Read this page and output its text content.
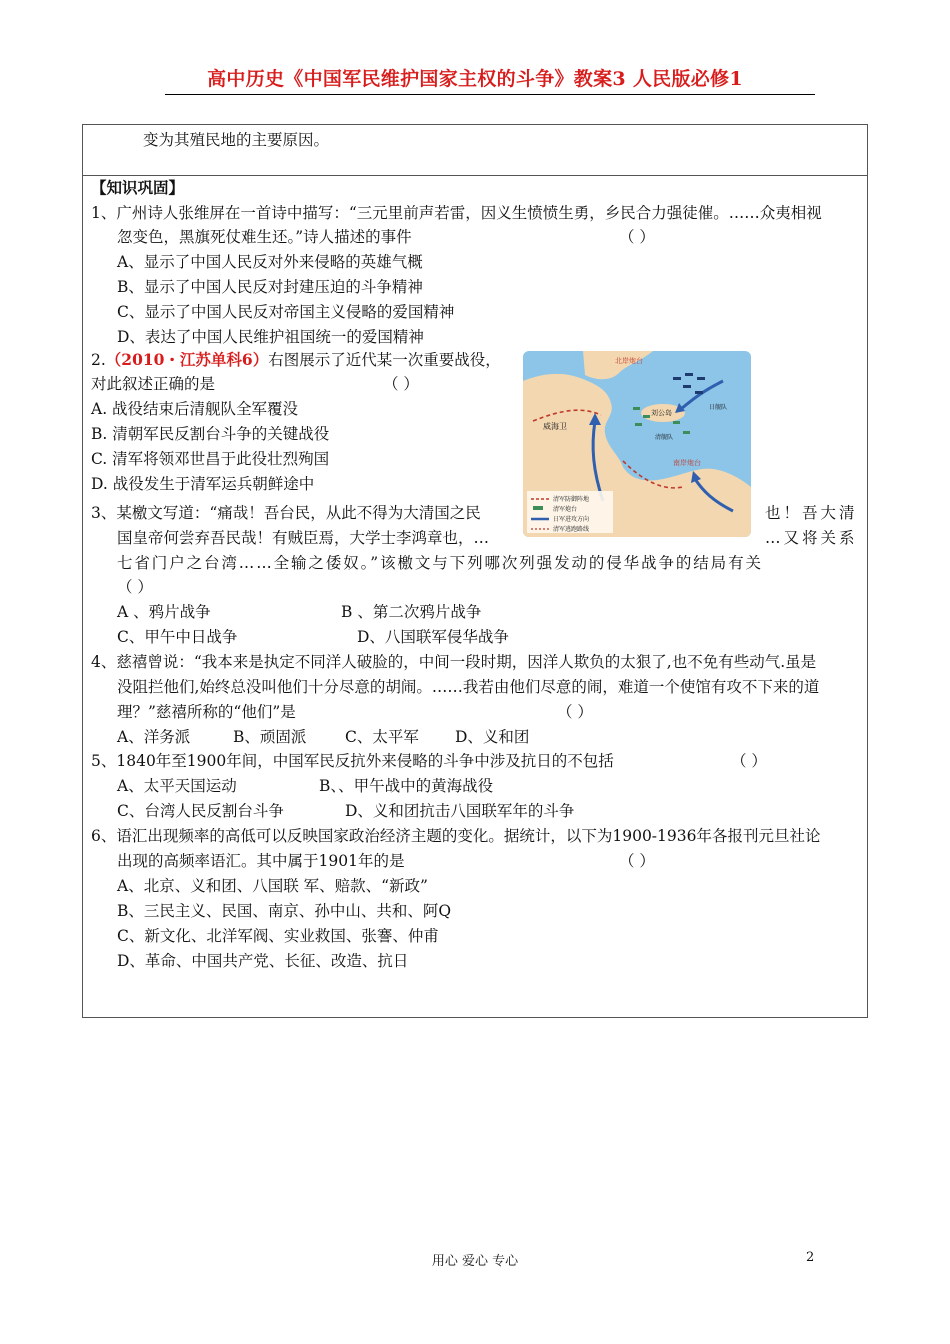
高中历史《中国军民维护国家主权的斗争》教案3 人民版必修1
变为其殖民地的主要原因。
【知识巩固】
1、广州诗人张维屏在一首诗中描写：“三元里前声若雷，因义生愤愤生勇，乡民合力强徒催。……众夷相视
忽变色，黑旗死仗难生还。”诗人描述的事件	（ ）
A、显示了中国人民反对外来侵略的英雄气概
B、显示了中国人民反对封建压迫的斗争精神
C、显示了中国人民反对帝国主义侵略的爱国精神
D、表达了中国人民维护祖国统一的爱国精神
2.（2010・江苏单科6）右图展示了近代某一次重要战役，
对此叙述正确的是	（ ）
A. 战役结束后清舰队全军覆没
B. 清朝军民反割台斗争的关键战役
C. 清军将领邓世昌于此役壮烈殉国
D. 战役发生于清军运兵朝鲜途中
北岸炮台
威海卫
刘公岛
日舰队
清舰队
南岸炮台
清军防御阵地
清军炮台
日军进攻方向
清军逃跑路线
3、某檄文写道：“痛哉！吾台民，从此不得为大清国之民	也！吾大清
国皇帝何尝弃吾民哉！有贼臣焉，大学士李鸿章也，…	…又将关系
七省门户之台湾……全输之倭奴。”该檄文与下列哪次列强发动的侵华战争的结局有关
（ ）
A 、鸦片战争	B 、第二次鸦片战争
C、甲午中日战争	D、八国联军侵华战争
4、慈禧曾说：“我本来是执定不同洋人破脸的，中间一段时期，因洋人欺负的太狠了,也不免有些动气.虽是
没阻拦他们,始终总没叫他们十分尽意的胡闹。……我若由他们尽意的闹，难道一个使馆有攻不下来的道
理？”慈禧所称的“他们”是	（ ）
A、洋务派	B、顽固派 C、太平军 D、义和团
5、1840年至1900年间，中国军民反抗外来侵略的斗争中涉及抗日的不包括	（ ）
A、太平天国运动	B、、甲午战中的黄海战役
C、台湾人民反割台斗争	D、义和团抗击八国联军年的斗争
6、语汇出现频率的高低可以反映国家政治经济主题的变化。据统计，以下为1900-1936年各报刊元旦社论
出现的高频率语汇。其中属于1901年的是	（ ）
A、北京、义和团、八国联 军、赔款、“新政”
B、三民主义、民国、南京、孙中山、共和、阿Q
C、新文化、北洋军阀、实业救国、张謇、仲甫
D、革命、中国共产党、长征、改造、抗日
用心 爱心 专心	2
